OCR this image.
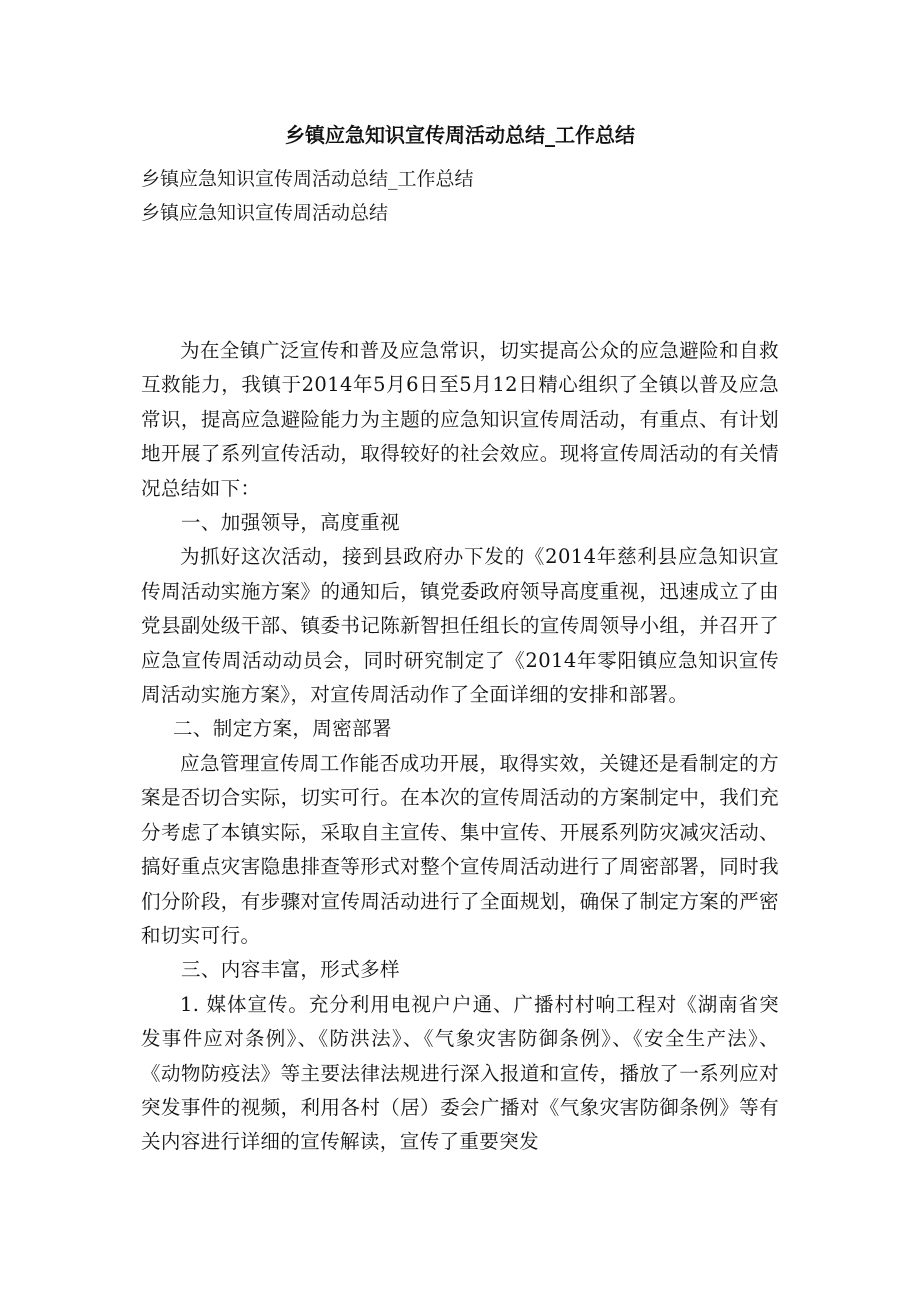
乡镇应急知识宣传周活动总结_工作总结
乡镇应急知识宣传周活动总结_工作总结
乡镇应急知识宣传周活动总结

为在全镇广泛宣传和普及应急常识，切实提高公众的应急避险和自救互救能力，我镇于2014年5月6日至5月12日精心组织了全镇以普及应急常识，提高应急避险能力为主题的应急知识宣传周活动，有重点、有计划地开展了系列宣传活动，取得较好的社会效应。现将宣传周活动的有关情况总结如下：

一、加强领导，高度重视

为抓好这次活动，接到县政府办下发的《2014年慈利县应急知识宣传周活动实施方案》的通知后，镇党委政府领导高度重视，迅速成立了由党县副处级干部、镇委书记陈新智担任组长的宣传周领导小组，并召开了应急宣传周活动动员会，同时研究制定了《2014年零阳镇应急知识宣传周活动实施方案》，对宣传周活动作了全面详细的安排和部署。

二、制定方案，周密部署

应急管理宣传周工作能否成功开展，取得实效，关键还是看制定的方案是否切合实际，切实可行。在本次的宣传周活动的方案制定中，我们充分考虑了本镇实际，采取自主宣传、集中宣传、开展系列防灾减灾活动、搞好重点灾害隐患排查等形式对整个宣传周活动进行了周密部署，同时我们分阶段，有步骤对宣传周活动进行了全面规划，确保了制定方案的严密和切实可行。

三、内容丰富，形式多样

1. 媒体宣传。充分利用电视户户通、广播村村响工程对《湖南省突发事件应对条例》、《防洪法》、《气象灾害防御条例》、《安全生产法》、《动物防疫法》等主要法律法规进行深入报道和宣传，播放了一系列应对突发事件的视频，利用各村（居）委会广播对《气象灾害防御条例》等有关内容进行详细的宣传解读，宣传了重要突发
